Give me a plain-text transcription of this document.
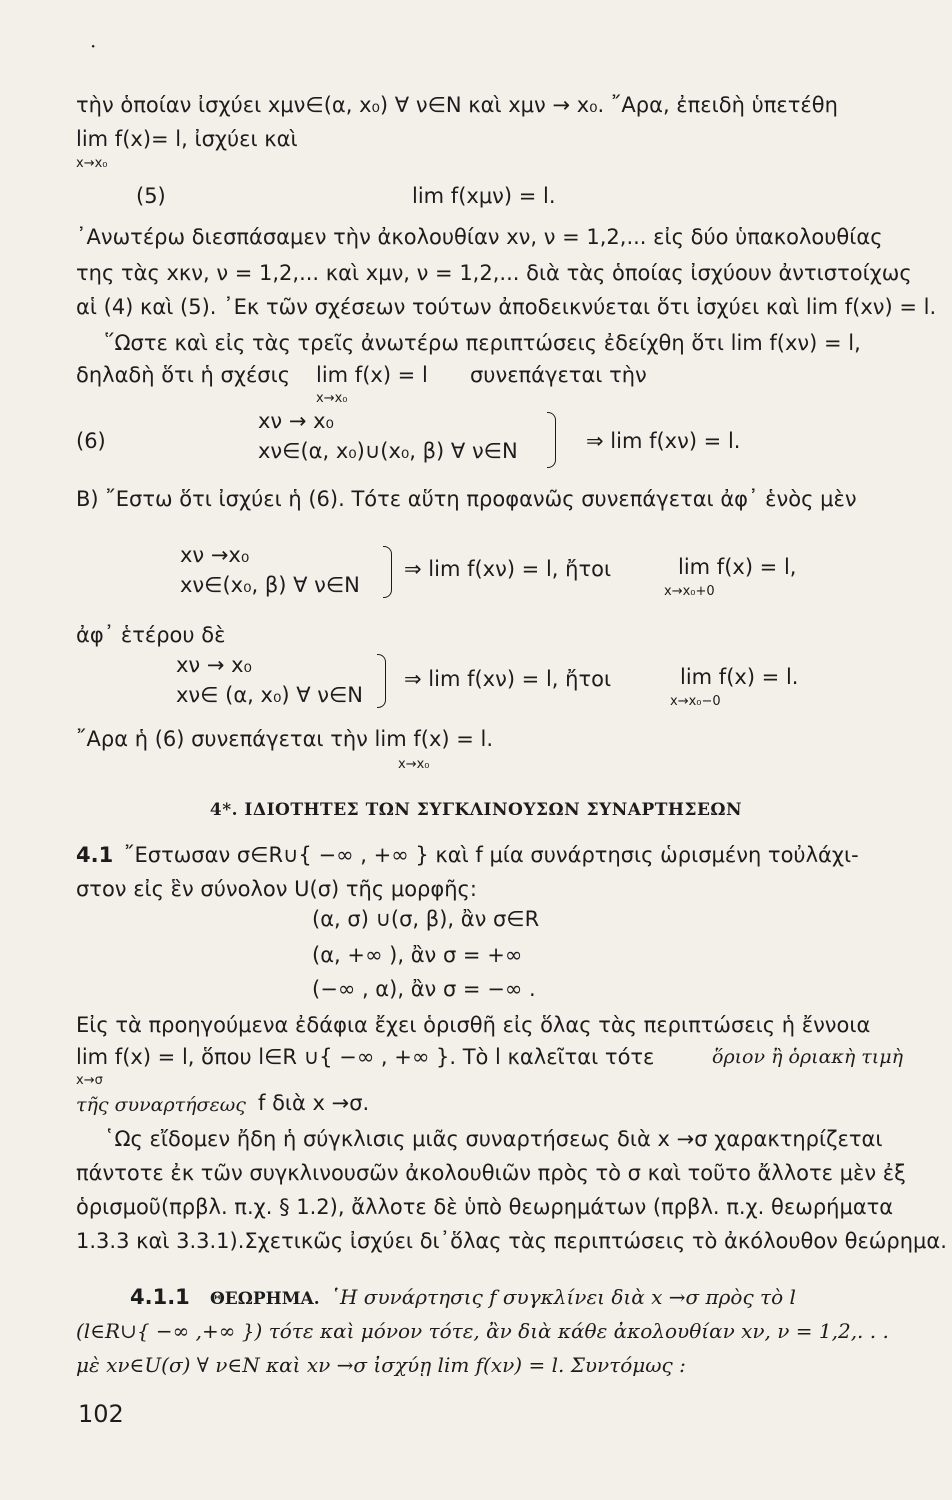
·
τὴν ὁποίαν ἰσχύει xμν∈(α, x₀) ∀ ν∈N καὶ xμν → x₀. ῎Αρα, ἐπειδὴ ὑπετέθη
lim f(x)= l, ἰσχύει καὶ
x→x₀
(5)	lim f(xμν) = l.
᾿Ανωτέρω διεσπάσαμεν τὴν ἀκολουθίαν xν, ν = 1,2,... εἰς δύο ὑπακολουθίας
της τὰς xκν, ν = 1,2,... καὶ xμν, ν = 1,2,... διὰ τὰς ὁποίας ἰσχύουν ἀντιστοίχως
αἱ (4) καὶ (5). ᾿Εκ τῶν σχέσεων τούτων ἀποδεικνύεται ὅτι ἰσχύει καὶ lim f(xν) = l.
῞Ωστε καὶ εἰς τὰς τρεῖς ἀνωτέρω περιπτώσεις ἐδείχθη ὅτι lim f(xν) = l,
δηλαδὴ ὅτι ἡ σχέσις lim f(x) = l συνεπάγεται τὴν
x→x₀
xν → x₀
(6)	xν∈(α, x₀)∪(x₀, β) ∀ ν∈N	⇒ lim f(xν) = l.
B) ῎Εστω ὅτι ἰσχύει ἡ (6). Τότε αὕτη προφανῶς συνεπάγεται ἀφ᾿ ἑνὸς μὲν
xν →x₀
xν∈(x₀, β) ∀ ν∈N
⇒ lim f(xν) = l, ἤτοι	lim f(x) = l,
x→x₀+0
ἀφ᾿ ἑτέρου δὲ
xν → x₀
xν∈ (α, x₀) ∀ ν∈N
⇒ lim f(xν) = l, ἤτοι	lim f(x) = l.
x→x₀−0
῎Αρα ἡ (6) συνεπάγεται τὴν lim f(x) = l.
x→x₀
4*. ΙΔΙΟΤΗΤΕΣ ΤΩΝ ΣΥΓΚΛΙΝΟΥΣΩΝ ΣΥΝΑΡΤΗΣΕΩΝ
4.1 ῎Εστωσαν σ∈R∪{ −∞ , +∞ } καὶ f μία συνάρτησις ὡρισμένη τοὐλάχι-
στον εἰς ἓν σύνολον U(σ) τῆς μορφῆς:
(α, σ) ∪(σ, β), ἂν σ∈R
(α, +∞ ), ἂν σ = +∞
(−∞ , α), ἂν σ = −∞ .
Εἰς τὰ προηγούμενα ἐδάφια ἔχει ὁρισθῆ εἰς ὅλας τὰς περιπτώσεις ἡ ἔννοια
lim f(x) = l, ὅπου l∈R ∪{ −∞ , +∞ }. Τὸ l καλεῖται τότε	ὅριον ἢ ὁριακὴ τιμὴ
x→σ
τῆς συναρτήσεως f διὰ x →σ.
῾Ως εἴδομεν ἤδη ἡ σύγκλισις μιᾶς συναρτήσεως διὰ x →σ χαρακτηρίζεται
πάντοτε ἐκ τῶν συγκλινουσῶν ἀκολουθιῶν πρὸς τὸ σ καὶ τοῦτο ἄλλοτε μὲν ἐξ
ὁρισμοῦ(πρβλ. π.χ. § 1.2), ἄλλοτε δὲ ὑπὸ θεωρημάτων (πρβλ. π.χ. θεωρήματα
1.3.3 καὶ 3.3.1).Σχετικῶς ἰσχύει δι᾿ὅλας τὰς περιπτώσεις τὸ ἀκόλουθον θεώρημα.
4.1.1 ΘΕΩΡΗΜΑ. ῾Η συνάρτησις f συγκλίνει διὰ x →σ πρὸς τὸ l
(l∈R∪{ −∞ ,+∞ }) τότε καὶ μόνον τότε, ἂν διὰ κάθε ἀκολουθίαν xν, ν = 1,2,. . .
μὲ xν∈U(σ) ∀ ν∈N καὶ xν →σ ἰσχύῃ lim f(xν) = l. Συντόμως :
102
